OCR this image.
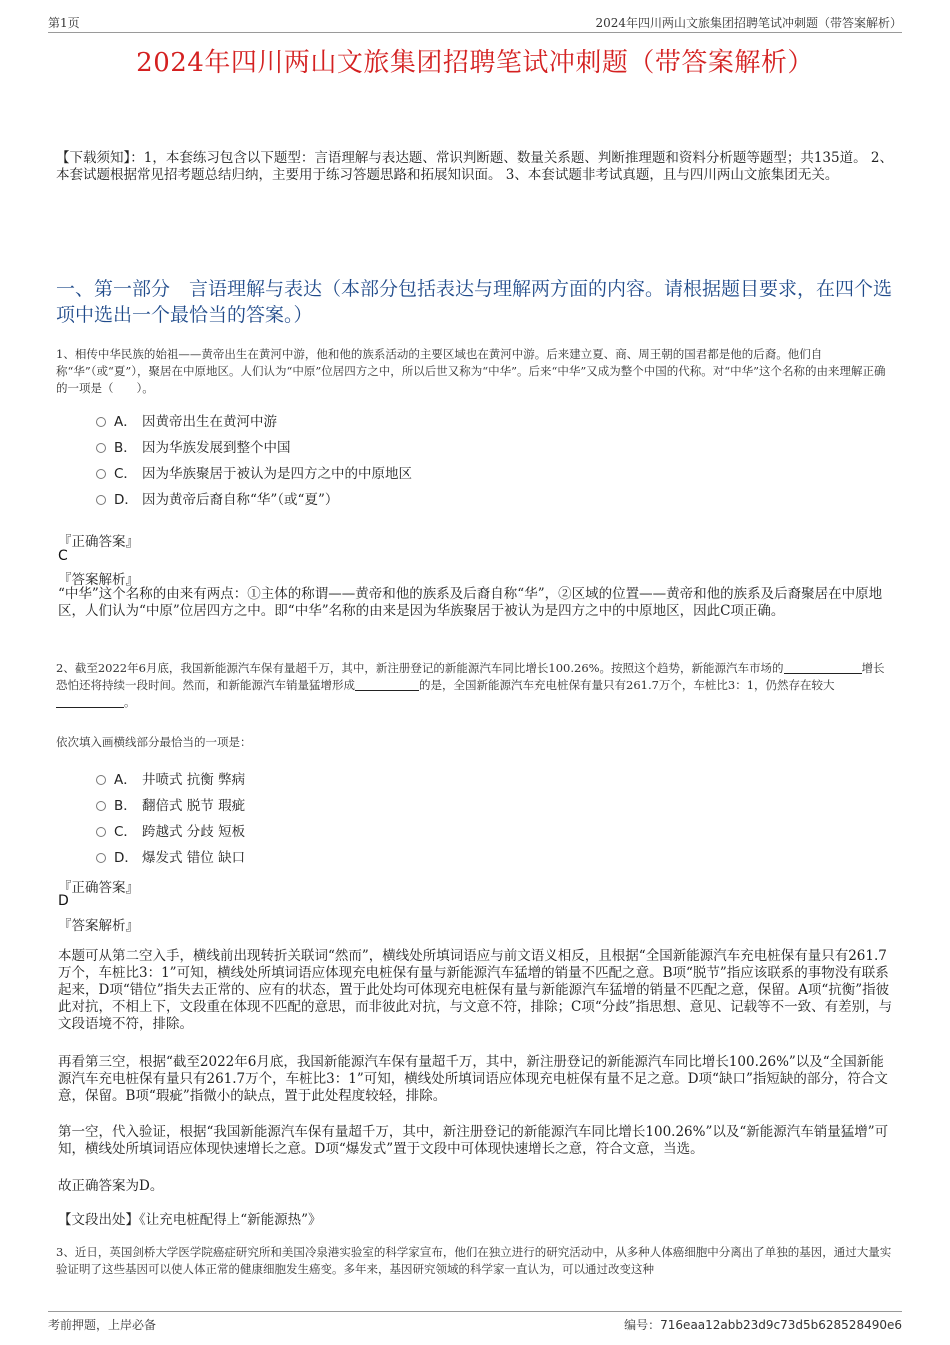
第1页	2024年四川两山文旅集团招聘笔试冲刺题（带答案解析）
2024年四川两山文旅集团招聘笔试冲刺题（带答案解析）
【下载须知】：1，本套练习包含以下题型：言语理解与表达题、常识判断题、数量关系题、判断推理题和资料分析题等题型；共135道。 2、本套试题根据常见招考题总结归纳，主要用于练习答题思路和拓展知识面。 3、本套试题非考试真题，且与四川两山文旅集团无关。
一、第一部分　言语理解与表达（本部分包括表达与理解两方面的内容。请根据题目要求，在四个选项中选出一个最恰当的答案。）
1、相传中华民族的始祖——黄帝出生在黄河中游，他和他的族系活动的主要区域也在黄河中游。后来建立夏、商、周王朝的国君都是他的后裔。他们自称“华”（或“夏”），聚居在中原地区。人们认为“中原”位居四方之中，所以后世又称为“中华”。后来“中华”又成为整个中国的代称。对“中华”这个名称的由来理解正确的一项是（　　）。
A． 因黄帝出生在黄河中游
B． 因为华族发展到整个中国
C． 因为华族聚居于被认为是四方之中的中原地区
D． 因为黄帝后裔自称“华”（或“夏”）
『正确答案』
C
『答案解析』
“中华”这个名称的由来有两点：①主体的称谓——黄帝和他的族系及后裔自称“华”，②区域的位置——黄帝和他的族系及后裔聚居在中原地区，人们认为“中原”位居四方之中。即“中华”名称的由来是因为华族聚居于被认为是四方之中的中原地区，因此C项正确。
2、截至2022年6月底，我国新能源汽车保有量超千万，其中，新注册登记的新能源汽车同比增长100.26%。按照这个趋势，新能源汽车市场的	增长恐怕还将持续一段时间。然而，和新能源汽车销量猛增形成	的是，全国新能源汽车充电桩保有量只有261.7万个，车桩比3：1，仍然存在较大。
依次填入画横线部分最恰当的一项是：
A． 井喷式 抗衡 弊病
B． 翻倍式 脱节 瑕疵
C． 跨越式 分歧 短板
D． 爆发式 错位 缺口
『正确答案』
D
『答案解析』
本题可从第二空入手，横线前出现转折关联词“然而”，横线处所填词语应与前文语义相反，且根据“全国新能源汽车充电桩保有量只有261.7万个，车桩比3：1”可知，横线处所填词语应体现充电桩保有量与新能源汽车猛增的销量不匹配之意。B项“脱节”指应该联系的事物没有联系起来，D项“错位”指失去正常的、应有的状态，置于此处均可体现充电桩保有量与新能源汽车猛增的销量不匹配之意，保留。A项“抗衡”指彼此对抗，不相上下，文段重在体现不匹配的意思，而非彼此对抗，与文意不符，排除；C项“分歧”指思想、意见、记载等不一致、有差别，与文段语境不符，排除。
再看第三空，根据“截至2022年6月底，我国新能源汽车保有量超千万，其中，新注册登记的新能源汽车同比增长100.26%”以及“全国新能源汽车充电桩保有量只有261.7万个，车桩比3：1”可知，横线处所填词语应体现充电桩保有量不足之意。D项“缺口”指短缺的部分，符合文意，保留。B项“瑕疵”指微小的缺点，置于此处程度较轻，排除。
第一空，代入验证，根据“我国新能源汽车保有量超千万，其中，新注册登记的新能源汽车同比增长100.26%”以及“新能源汽车销量猛增”可知，横线处所填词语应体现快速增长之意。D项“爆发式”置于文段中可体现快速增长之意，符合文意，当选。
故正确答案为D。
【文段出处】《让充电桩配得上“新能源热”》
3、近日，英国剑桥大学医学院癌症研究所和美国冷泉港实验室的科学家宣布，他们在独立进行的研究活动中，从多种人体癌细胞中分离出了单独的基因，通过大量实验证明了这些基因可以使人体正常的健康细胞发生癌变。多年来，基因研究领域的科学家一直认为，可以通过改变这种
考前押题，上岸必备	编号：716eaa12abb23d9c73d5b628528490e6
